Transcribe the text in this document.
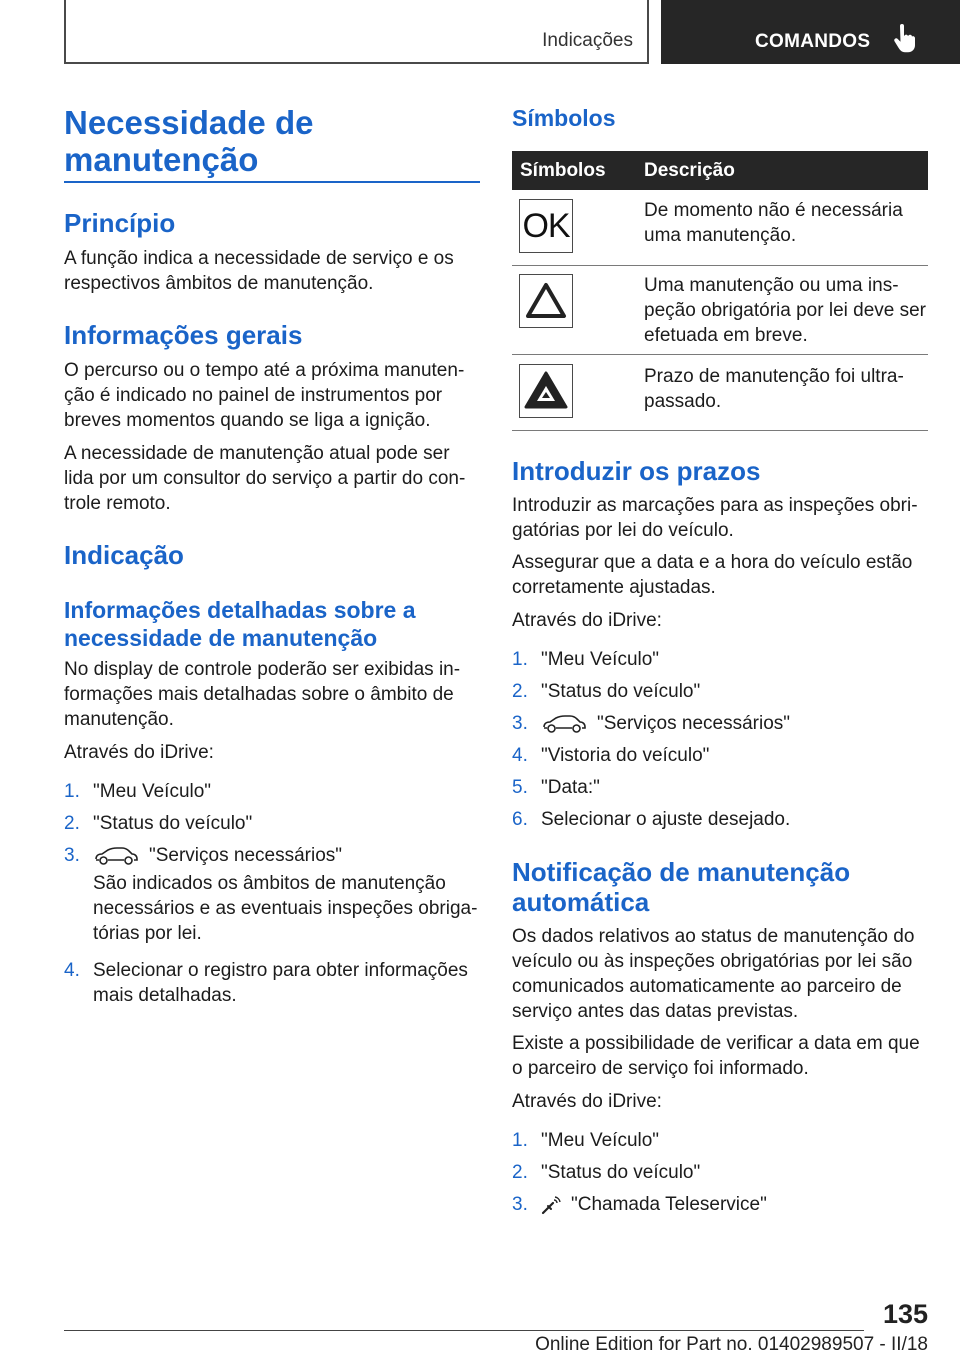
Indicações	COMANDOS
Necessidade de manutenção
Princípio

A função indica a necessidade de serviço e os respectivos âmbitos de manutenção.

Informações gerais

O percurso ou o tempo até a próxima manutenção é indicado no painel de instrumentos por breves momentos quando se liga a ignição.

A necessidade de manutenção atual pode ser lida por um consultor do serviço a partir do controle remoto.

Indicação
Informações detalhadas sobre a necessidade de manutenção

No display de controle poderão ser exibidas informações mais detalhadas sobre o âmbito de manutenção.

Através do iDrive:

1. "Meu Veículo"
2. "Status do veículo"
3.	"Serviços necessários"
São indicados os âmbitos de manutenção necessários e as eventuais inspeções obrigatórias por lei.
4. Selecionar o registro para obter informações mais detalhadas.
Símbolos
Símbolos Descrição
OK	De momento não é necessária uma manutenção.
Uma manutenção ou uma inspeção obrigatória por lei deve ser efetuada em breve.
Prazo de manutenção foi ultrapassado.
Introduzir os prazos

Introduzir as marcações para as inspeções obrigatórias por lei do veículo.

Assegurar que a data e a hora do veículo estão corretamente ajustadas.

Através do iDrive:

1. "Meu Veículo"
2. "Status do veículo"
3.	"Serviços necessários"
4. "Vistoria do veículo"
5. "Data:"
6. Selecionar o ajuste desejado.
Notificação de manutenção automática

Os dados relativos ao status de manutenção do veículo ou às inspeções obrigatórias por lei são comunicados automaticamente ao parceiro de serviço antes das datas previstas.

Existe a possibilidade de verificar a data em que o parceiro de serviço foi informado.

Através do iDrive:

1. "Meu Veículo"
2. "Status do veículo"
3.	"Chamada Teleservice"
135
Online Edition for Part no. 01402989507 - II/18
